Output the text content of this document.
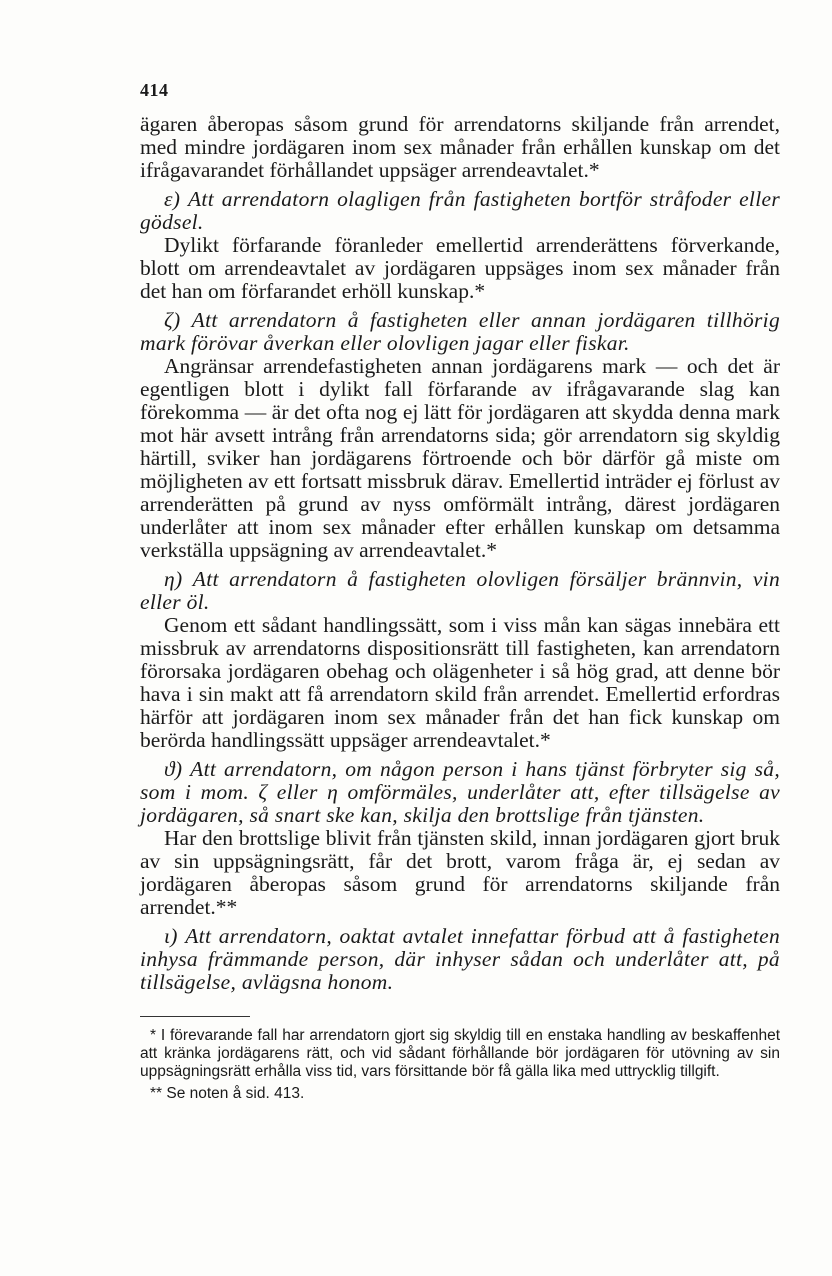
414

ägaren åberopas såsom grund för arrendatorns skiljande från arrendet, med mindre jordägaren inom sex månader från erhållen kunskap om det ifrågavarandet förhållandet uppsäger arrendeavtalet.*

ε) Att arrendatorn olagligen från fastigheten bortför stråfoder eller gödsel.

Dylikt förfarande föranleder emellertid arrenderättens förverkande, blott om arrendeavtalet av jordägaren uppsäges inom sex månader från det han om förfarandet erhöll kunskap.*

ζ) Att arrendatorn å fastigheten eller annan jordägaren tillhörig mark förövar åverkan eller olovligen jagar eller fiskar.

Angränsar arrendefastigheten annan jordägarens mark — och det är egentligen blott i dylikt fall förfarande av ifrågavarande slag kan förekomma — är det ofta nog ej lätt för jordägaren att skydda denna mark mot här avsett intrång från arrendatorns sida; gör arrendatorn sig skyldig härtill, sviker han jordägarens förtroende och bör därför gå miste om möjligheten av ett fortsatt missbruk därav. Emellertid inträder ej förlust av arrenderätten på grund av nyss omförmält intrång, därest jordägaren underlåter att inom sex månader efter erhållen kunskap om detsamma verkställa uppsägning av arrendeavtalet.*

η) Att arrendatorn å fastigheten olovligen försäljer brännvin, vin eller öl.

Genom ett sådant handlingssätt, som i viss mån kan sägas innebära ett missbruk av arrendatorns dispositionsrätt till fastigheten, kan arrendatorn förorsaka jordägaren obehag och olägenheter i så hög grad, att denne bör hava i sin makt att få arrendatorn skild från arrendet. Emellertid erfordras härför att jordägaren inom sex månader från det han fick kunskap om berörda handlingssätt uppsäger arrendeavtalet.*

ϑ) Att arrendatorn, om någon person i hans tjänst förbryter sig så, som i mom. ζ eller η omförmäles, underlåter att, efter tillsägelse av jordägaren, så snart ske kan, skilja den brottslige från tjänsten.

Har den brottslige blivit från tjänsten skild, innan jordägaren gjort bruk av sin uppsägningsrätt, får det brott, varom fråga är, ej sedan av jordägaren åberopas såsom grund för arrendatorns skiljande från arrendet.**

ι) Att arrendatorn, oaktat avtalet innefattar förbud att å fastigheten inhysa främmande person, där inhyser sådan och underlåter att, på tillsägelse, avlägsna honom.

* I förevarande fall har arrendatorn gjort sig skyldig till en enstaka handling av beskaffenhet att kränka jordägarens rätt, och vid sådant förhållande bör jordägaren för utövning av sin uppsägningsrätt erhålla viss tid, vars försittande bör få gälla lika med uttrycklig tillgift.

** Se noten å sid. 413.
